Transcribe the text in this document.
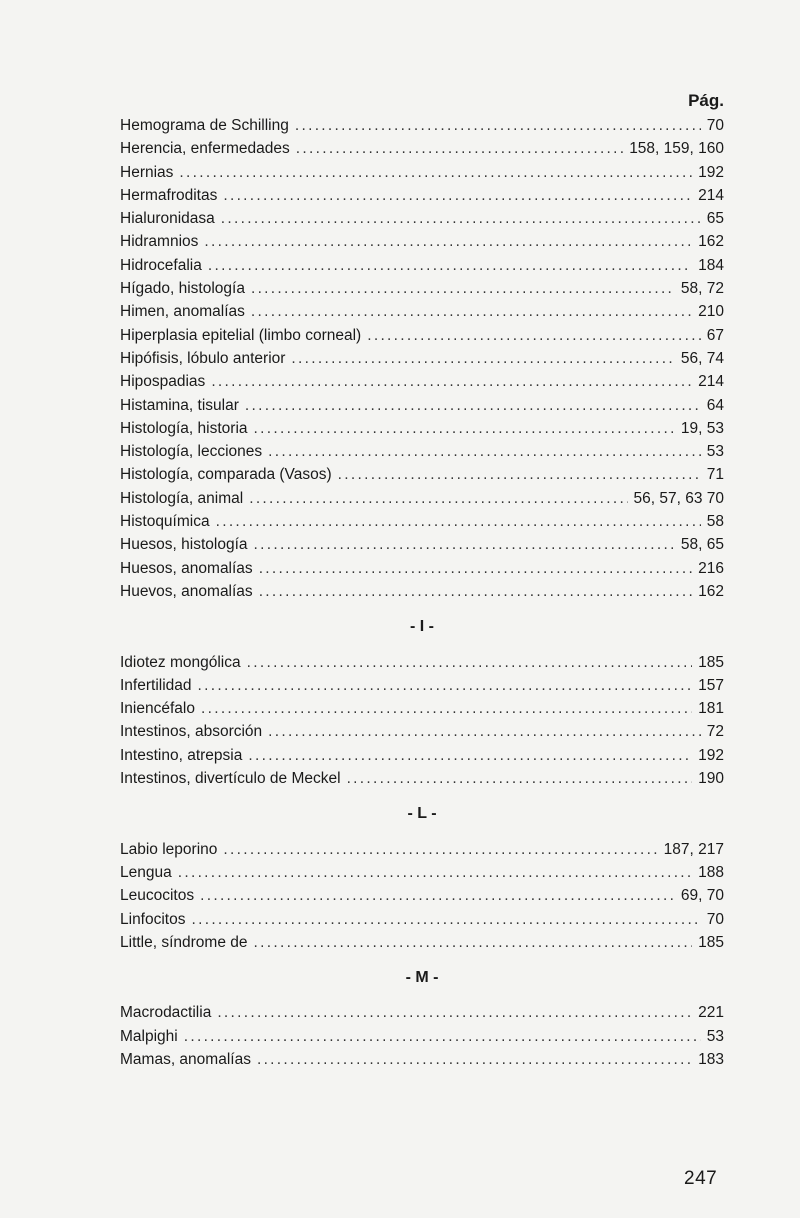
Pág.
Hemograma de Schilling . . .	70
Herencia, enfermedades . . .	158, 159, 160
Hernias . . .	192
Hermafroditas . . .	214
Hialuronidasa . . .	65
Hidramnios . . .	162
Hidrocefalia . . .	184
Hígado, histología . . .	58, 72
Himen, anomalías . . .	210
Hiperplasia epitelial (limbo corneal) . . .	67
Hipófisis, lóbulo anterior . . .	56, 74
Hipospadias . . .	214
Histamina, tisular . . .	64
Histología, historia . . .	19, 53
Histología, lecciones . . .	53
Histología, comparada (Vasos) . . .	71
Histología, animal . . .	56, 57, 63 70
Histoquímica . . .	58
Huesos, histología . . .	58, 65
Huesos, anomalías . . .	216
Huevos, anomalías . . .	162
- I -
Idiotez mongólica . . .	185
Infertilidad . . .	157
Iniencéfalo . . .	181
Intestinos, absorción . . .	72
Intestino, atrepsia . . .	192
Intestinos, divertículo de Meckel . . .	190
- L -
Labio leporino . . .	187, 217
Lengua . . .	188
Leucocitos . . .	69, 70
Linfocitos . . .	70
Little, síndrome de . . .	185
- M -
Macrodactilia . . .	221
Malpighi . . .	53
Mamas, anomalías . . .	183
247
